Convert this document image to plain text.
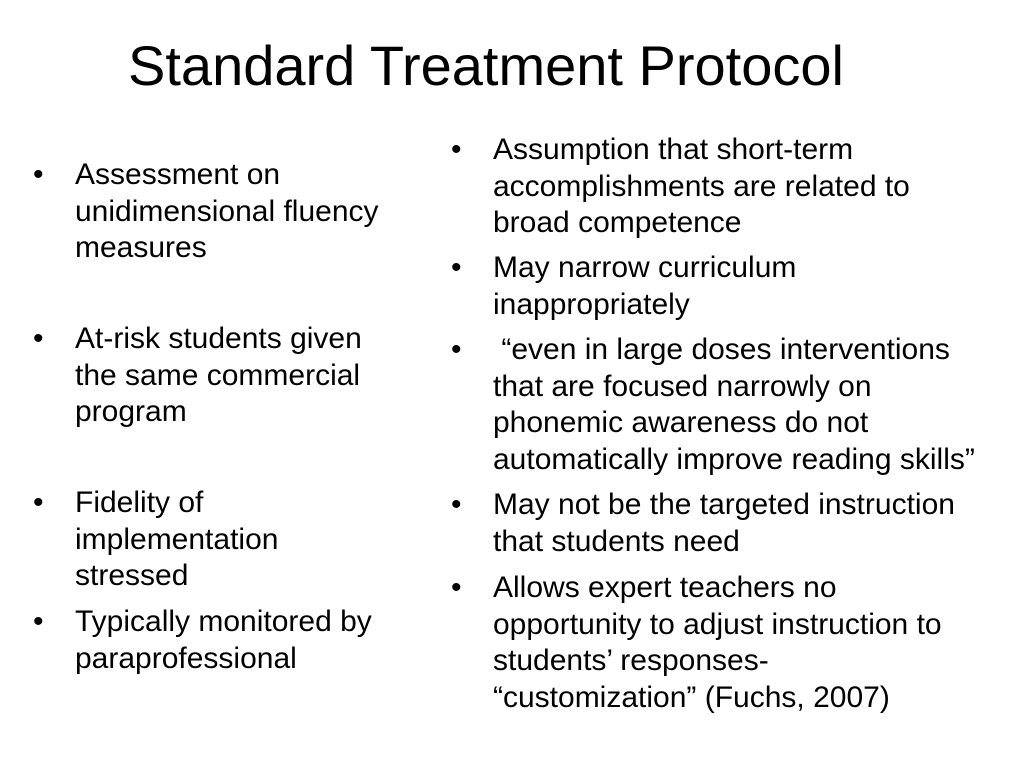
Standard Treatment Protocol
• Assessment on
unidimensional fluency
measures
• At-risk students given
the same commercial
program
• Fidelity of
implementation
stressed
• Typically monitored by
paraprofessional
• Assumption that short-term
accomplishments are related to
broad competence
• May narrow curriculum
inappropriately
• “even in large doses interventions
that are focused narrowly on
phonemic awareness do not
automatically improve reading skills”
• May not be the targeted instruction
that students need
• Allows expert teachers no
opportunity to adjust instruction to
students’ responses-
“customization” (Fuchs, 2007)
